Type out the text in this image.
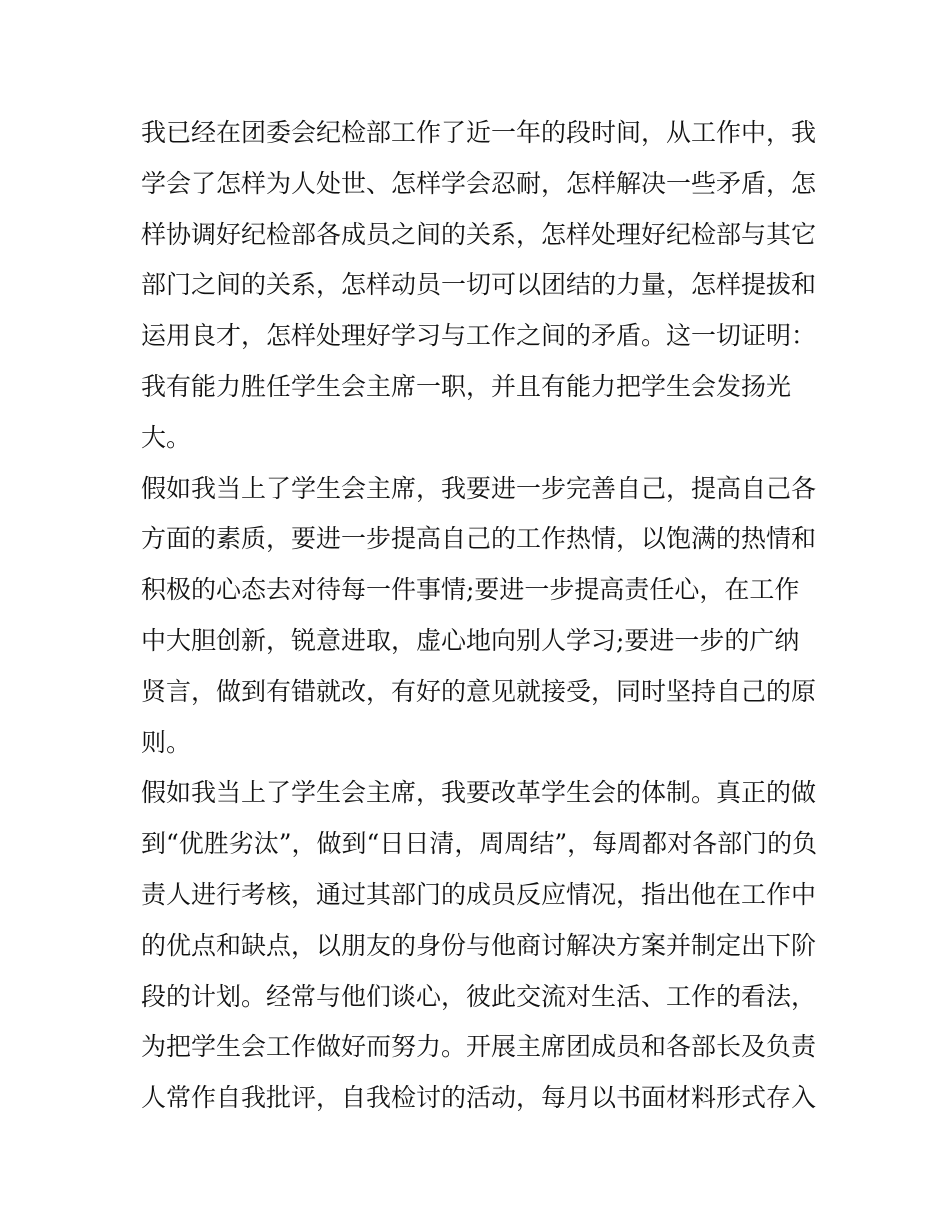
我已经在团委会纪检部工作了近一年的段时间，从工作中，我
学会了怎样为人处世、怎样学会忍耐，怎样解决一些矛盾，怎
样协调好纪检部各成员之间的关系，怎样处理好纪检部与其它
部门之间的关系，怎样动员一切可以团结的力量，怎样提拔和
运用良才，怎样处理好学习与工作之间的矛盾。这一切证明：
我有能力胜任学生会主席一职，并且有能力把学生会发扬光
大。
假如我当上了学生会主席，我要进一步完善自己，提高自己各
方面的素质，要进一步提高自己的工作热情，以饱满的热情和
积极的心态去对待每一件事情;要进一步提高责任心，在工作
中大胆创新，锐意进取，虚心地向别人学习;要进一步的广纳
贤言，做到有错就改，有好的意见就接受，同时坚持自己的原
则。
假如我当上了学生会主席，我要改革学生会的体制。真正的做
到“优胜劣汰”，做到“日日清，周周结”，每周都对各部门的负
责人进行考核，通过其部门的成员反应情况，指出他在工作中
的优点和缺点，以朋友的身份与他商讨解决方案并制定出下阶
段的计划。经常与他们谈心，彼此交流对生活、工作的看法，
为把学生会工作做好而努力。开展主席团成员和各部长及负责
人常作自我批评，自我检讨的活动，每月以书面材料形式存入
